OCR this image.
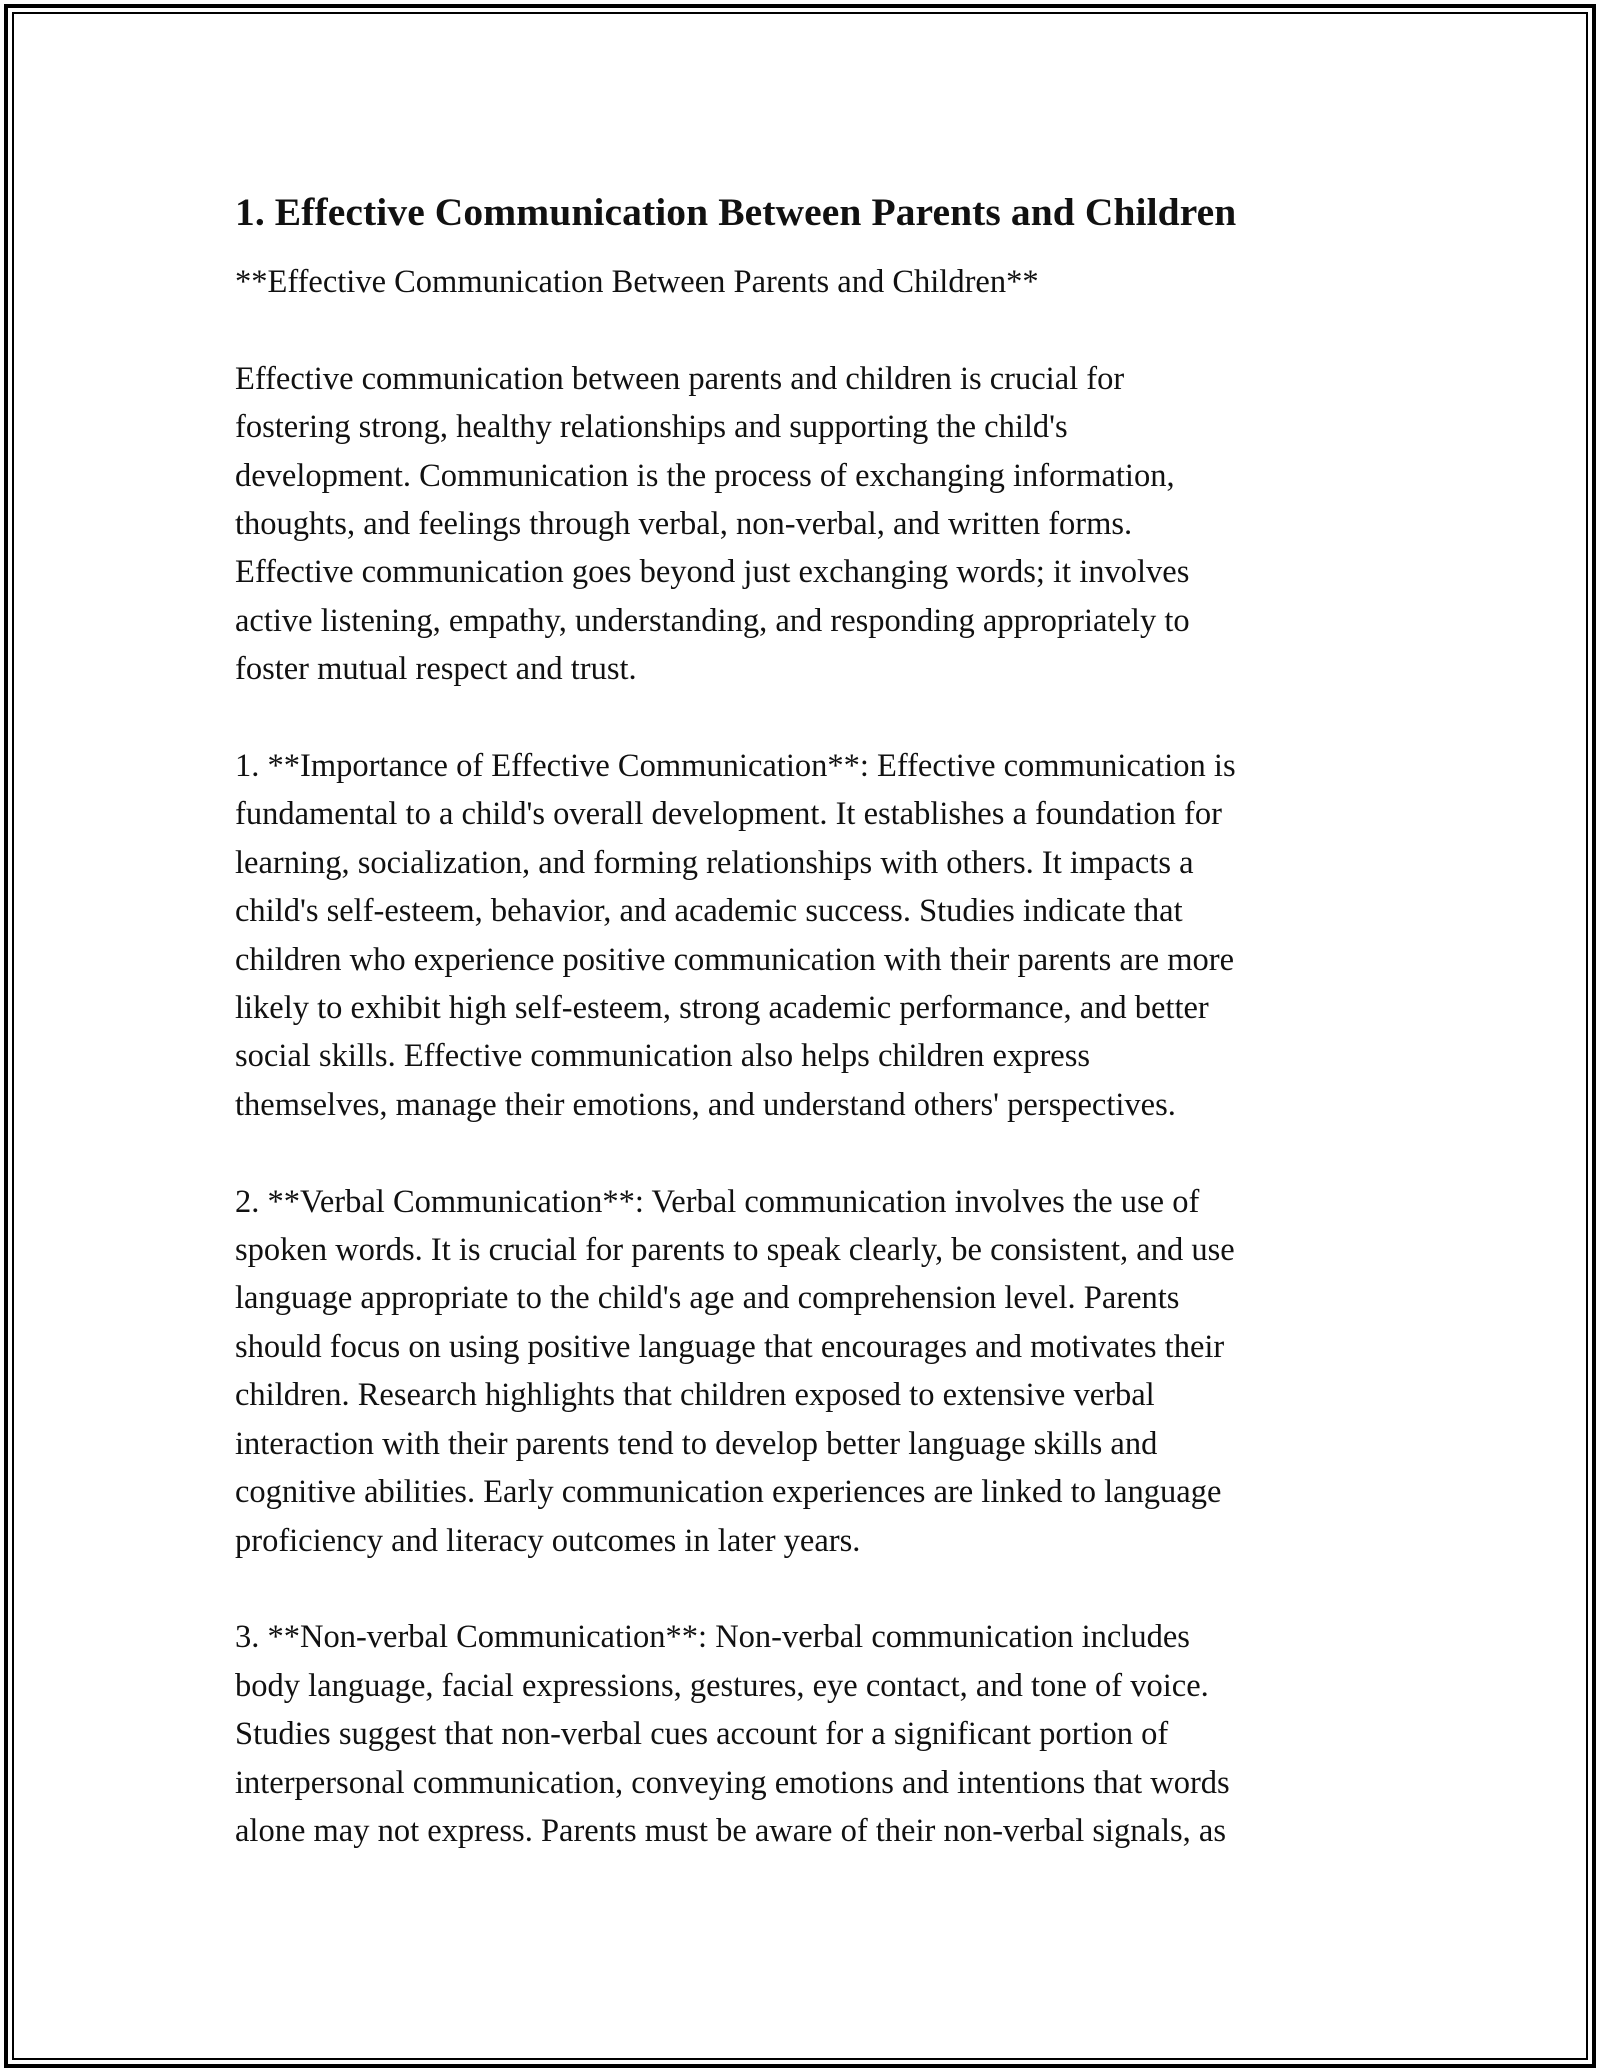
1. Effective Communication Between Parents and Children

**Effective Communication Between Parents and Children**

Effective communication between parents and children is crucial for

fostering strong, healthy relationships and supporting the child's

development. Communication is the process of exchanging information,

thoughts, and feelings through verbal, non-verbal, and written forms.

Effective communication goes beyond just exchanging words; it involves

active listening, empathy, understanding, and responding appropriately to

foster mutual respect and trust.

1. **Importance of Effective Communication**: Effective communication is

fundamental to a child's overall development. It establishes a foundation for

learning, socialization, and forming relationships with others. It impacts a

child's self-esteem, behavior, and academic success. Studies indicate that

children who experience positive communication with their parents are more

likely to exhibit high self-esteem, strong academic performance, and better

social skills. Effective communication also helps children express

themselves, manage their emotions, and understand others' perspectives.

2. **Verbal Communication**: Verbal communication involves the use of

spoken words. It is crucial for parents to speak clearly, be consistent, and use

language appropriate to the child's age and comprehension level. Parents

should focus on using positive language that encourages and motivates their

children. Research highlights that children exposed to extensive verbal

interaction with their parents tend to develop better language skills and

cognitive abilities. Early communication experiences are linked to language

proficiency and literacy outcomes in later years.

3. **Non-verbal Communication**: Non-verbal communication includes

body language, facial expressions, gestures, eye contact, and tone of voice.

Studies suggest that non-verbal cues account for a significant portion of

interpersonal communication, conveying emotions and intentions that words

alone may not express. Parents must be aware of their non-verbal signals, as
